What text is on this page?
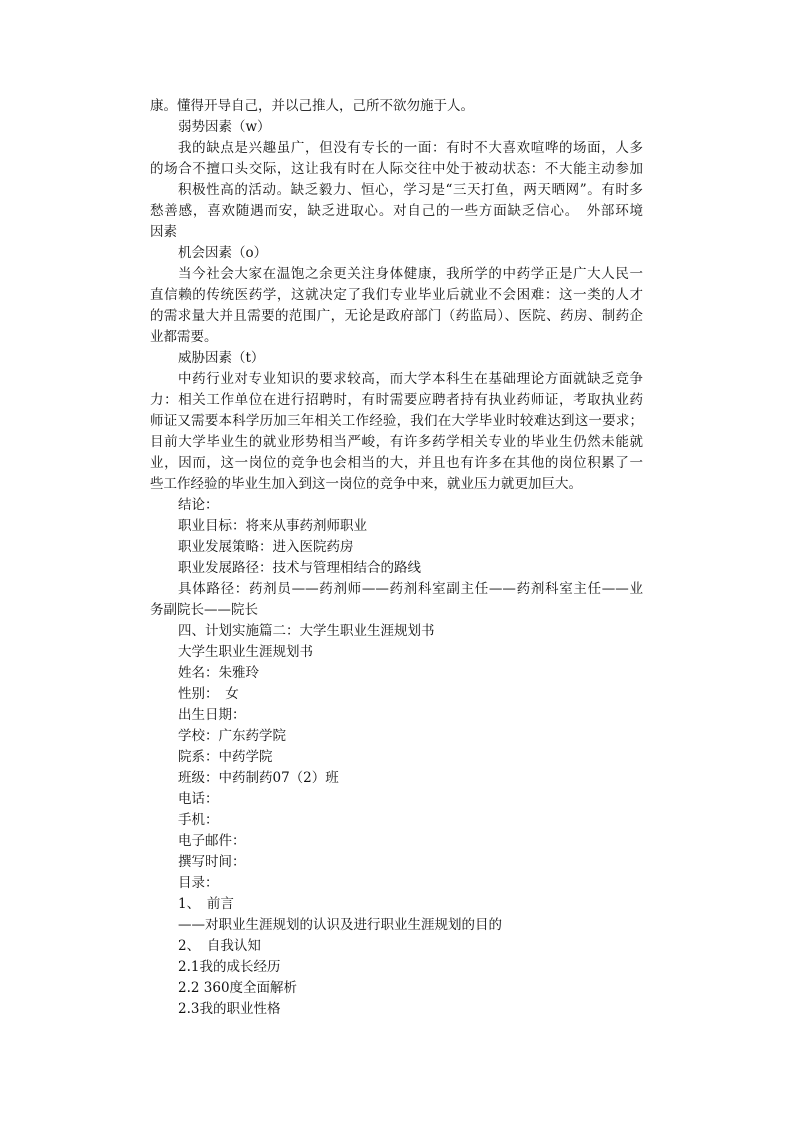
康。懂得开导自己，并以己推人，己所不欲勿施于人。
弱势因素（w）
我的缺点是兴趣虽广，但没有专长的一面：有时不大喜欢喧哗的场面，人多
的场合不擅口头交际，这让我有时在人际交往中处于被动状态：不大能主动参加
积极性高的活动。缺乏毅力、恒心，学习是“三天打鱼，两天晒网”。有时多
愁善感，喜欢随遇而安，缺乏进取心。对自己的一些方面缺乏信心。　外部环境
因素
机会因素（o）
当今社会大家在温饱之余更关注身体健康，我所学的中药学正是广大人民一
直信赖的传统医药学，这就决定了我们专业毕业后就业不会困难：这一类的人才
的需求量大并且需要的范围广，无论是政府部门（药监局）、医院、药房、制药企
业都需要。
威胁因素（t）
中药行业对专业知识的要求较高，而大学本科生在基础理论方面就缺乏竞争
力：相关工作单位在进行招聘时，有时需要应聘者持有执业药师证，考取执业药
师证又需要本科学历加三年相关工作经验，我们在大学毕业时较难达到这一要求；
目前大学毕业生的就业形势相当严峻，有许多药学相关专业的毕业生仍然未能就
业，因而，这一岗位的竞争也会相当的大，并且也有许多在其他的岗位积累了一
些工作经验的毕业生加入到这一岗位的竞争中来，就业压力就更加巨大。
结论：
职业目标：将来从事药剂师职业
职业发展策略：进入医院药房
职业发展路径：技术与管理相结合的路线
具体路径：药剂员——药剂师——药剂科室副主任——药剂科室主任——业
务副院长——院长
四、计划实施篇二：大学生职业生涯规划书
大学生职业生涯规划书
姓名：朱雅玲
性别：　女
出生日期：
学校：广东药学院
院系：中药学院
班级：中药制药07（2）班
电话：
手机：
电子邮件：
撰写时间：
目录：
1、　前言
——对职业生涯规划的认识及进行职业生涯规划的目的
2、　自我认知
2.1我的成长经历
2.2 360度全面解析
2.3我的职业性格
